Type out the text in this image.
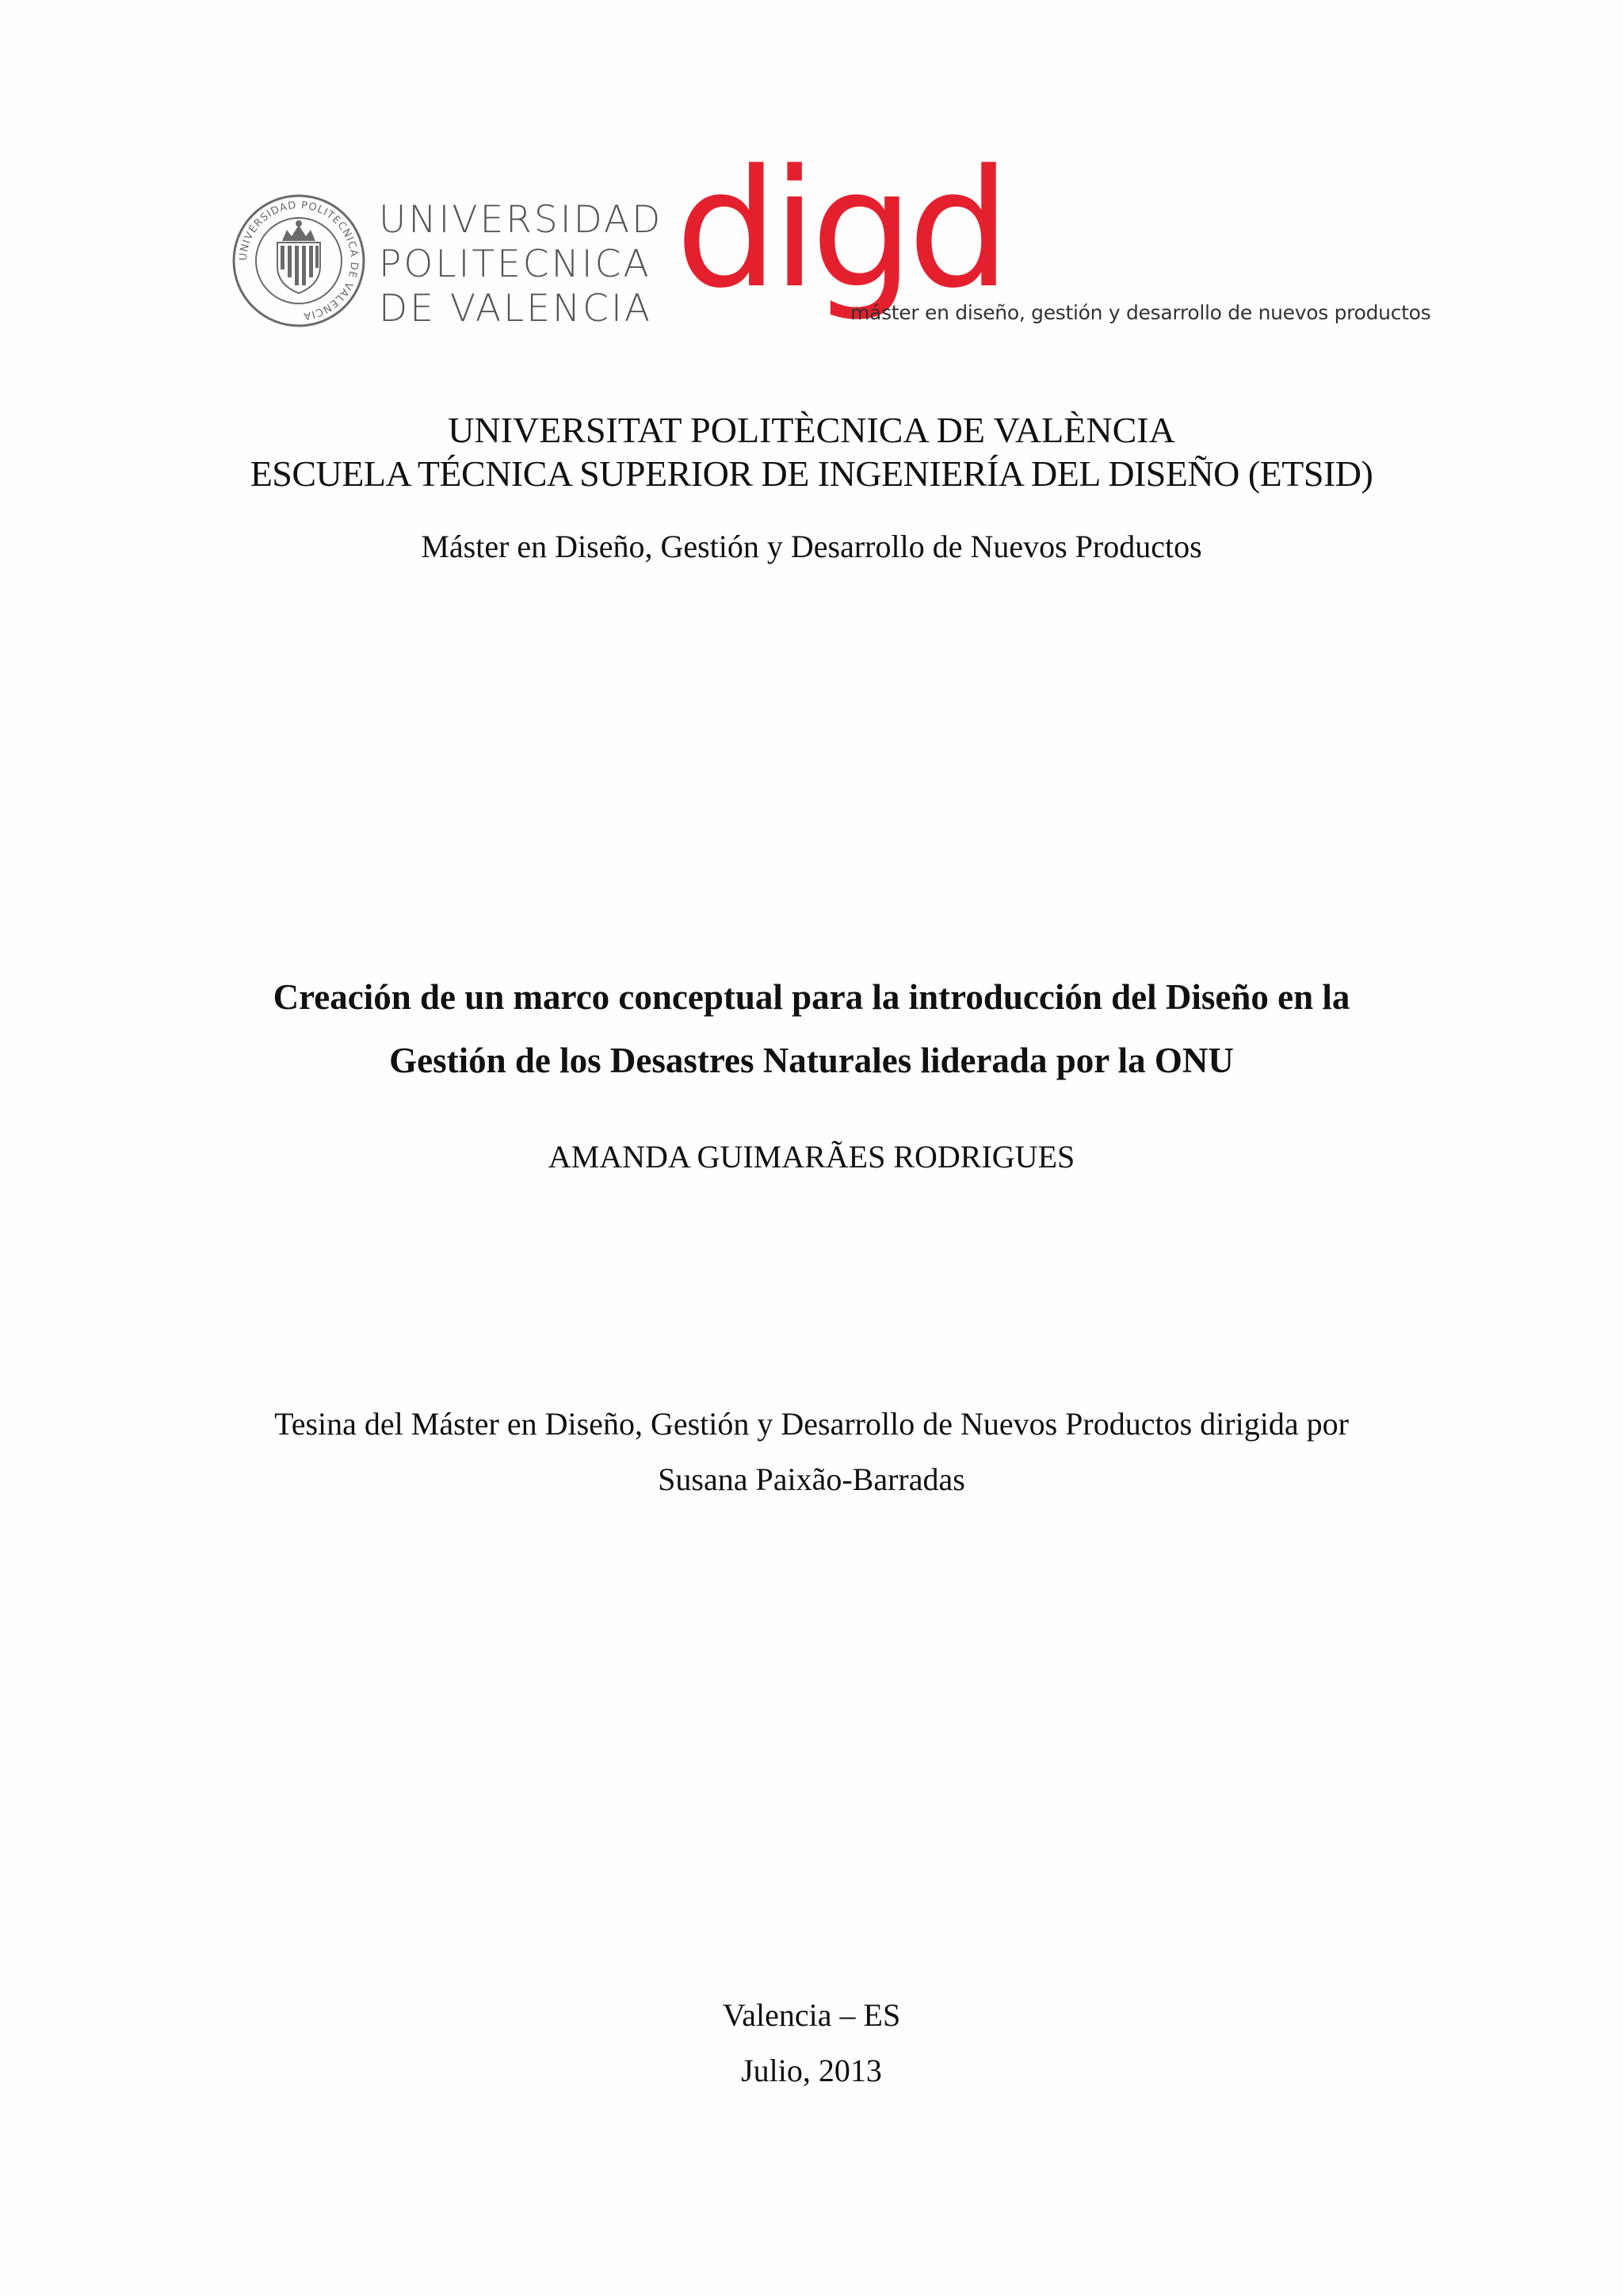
UNIVERSIDAD POLITECNICA DE VALENCIA
UNIVERSIDAD
POLITECNICA
DE VALENCIA digd
máster en diseño, gestión y desarrollo de nuevos productos
UNIVERSITAT POLITÈCNICA DE VALÈNCIA
ESCUELA TÉCNICA SUPERIOR DE INGENIERÍA DEL DISEÑO (ETSID)
Máster en Diseño, Gestión y Desarrollo de Nuevos Productos
Creación de un marco conceptual para la introducción del Diseño en la
Gestión de los Desastres Naturales liderada por la ONU
AMANDA GUIMARÃES RODRIGUES
Tesina del Máster en Diseño, Gestión y Desarrollo de Nuevos Productos dirigida por
Susana Paixão-Barradas
Valencia – ES
Julio, 2013
